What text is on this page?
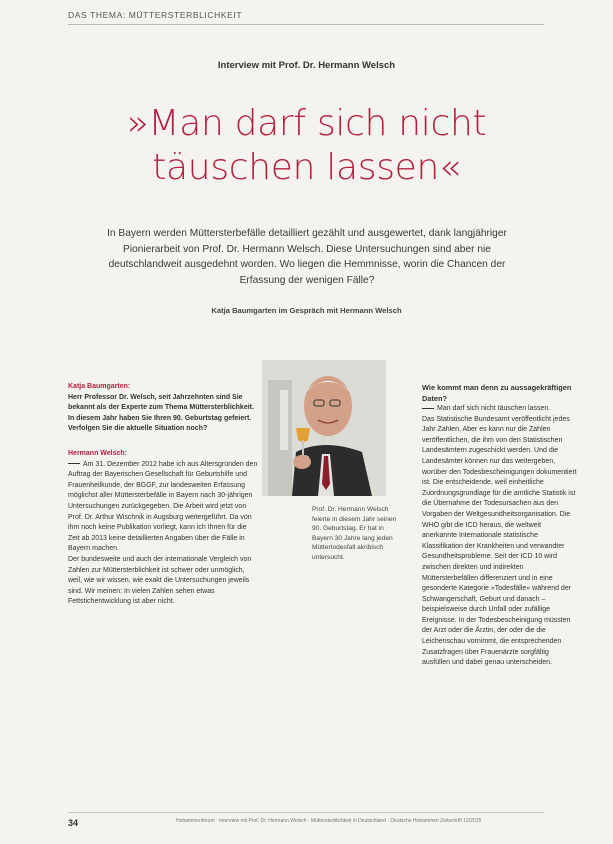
DAS THEMA: MÜTTERSTERBLICHKEIT
Interview mit Prof. Dr. Hermann Welsch
»Man darf sich nicht
täuschen lassen«
In Bayern werden Müttersterbefälle detailliert gezählt und ausgewertet, dank langjähriger Pionierarbeit von Prof. Dr. Hermann Welsch. Diese Untersuchungen sind aber nie deutschlandweit ausgedehnt worden. Wo liegen die Hemmnisse, worin die Chancen der Erfassung der wenigen Fälle?
Katja Baumgarten im Gespräch mit Hermann Welsch

Katja Baumgarten:

Herr Professor Dr. Welsch, seit Jahrzehnten sind Sie bekannt als der Experte zum Thema Müttersterblichkeit. In diesem Jahr haben Sie Ihren 90. Geburtstag gefeiert. Verfolgen Sie die aktuelle Situation noch?

Hermann Welsch:

Am 31. Dezember 2012 habe ich aus Altersgründen den Auftrag der Bayerischen Gesellschaft für Geburtshilfe und Frauenheilkunde, der BGGF, zur landesweiten Erfassung möglichst aller Müttersterbefälle in Bayern nach 30-jährigen Untersuchungen zurückgegeben. Die Arbeit wird jetzt von Prof. Dr. Arthur Wischnik in Augsburg weitergeführt. Da von ihm noch keine Publikation vorliegt, kann ich Ihnen für die Zeit ab 2013 keine detaillierten Angaben über die Fälle in Bayern machen.

Der bundesweite und auch der internationale Vergleich von Zahlen zur Müttersterblichkeit ist schwer oder unmöglich, weil, wie wir wissen, wie exakt die Untersuchungen jeweils sind. Wir meinen: In vielen Zahlen sehen etwas Fettstichentwicklung ist aber nicht.

Prof. Dr. Hermann Welsch feierte in diesem Jahr seinen 90. Geburtstag. Er hat in Bayern 30 Jahre lang jeden Müttertodesfall akribisch untersucht.

Wie kommt man denn zu aussagekräftigen Daten?

Man darf sich nicht täuschen lassen.

Das Statistische Bundesamt veröffentlicht jedes Jahr Zahlen. Aber es kann nur die Zahlen veröffentlichen, die ihm von den Statistischen Landesämtern zugeschickt werden. Und die Landesämter können nur das weitergeben, worüber den Todesbescheinigungen dokumentiert ist. Die entscheidende, weil einheitliche Zuordnungsgrundlage für die amtliche Statistik ist die Übernahme der Todesursachen aus den Vorgaben der Weltgesundheitsorganisation. Die WHO gibt die ICD heraus, die weltweit anerkannte Internationale statistische Klassifikation der Krankheiten und verwandter Gesundheitsprobleme. Seit der ICD 10 wird zwischen direkten und indirekten Müttersterbefällen differenziert und in eine gesonderte Kategorie »Todesfälle« während der Schwangerschaft, Geburt und danach – beispielsweise durch Unfall oder zufällige Ereignisse. In der Todesbescheinigung müssten der Arzt oder die Ärztin, der oder die die Leichenschau vornimmt, die entsprechenden Zusatzfragen über Frauenärzte sorgfältig ausfüllen und dabei genau unterscheiden.

34	Hebammenforum · Interview mit Prof. Dr. Hermann Welsch · Müttersterblichkeit in Deutschland · Deutsche Hebammen Zeitschrift 12/2015
